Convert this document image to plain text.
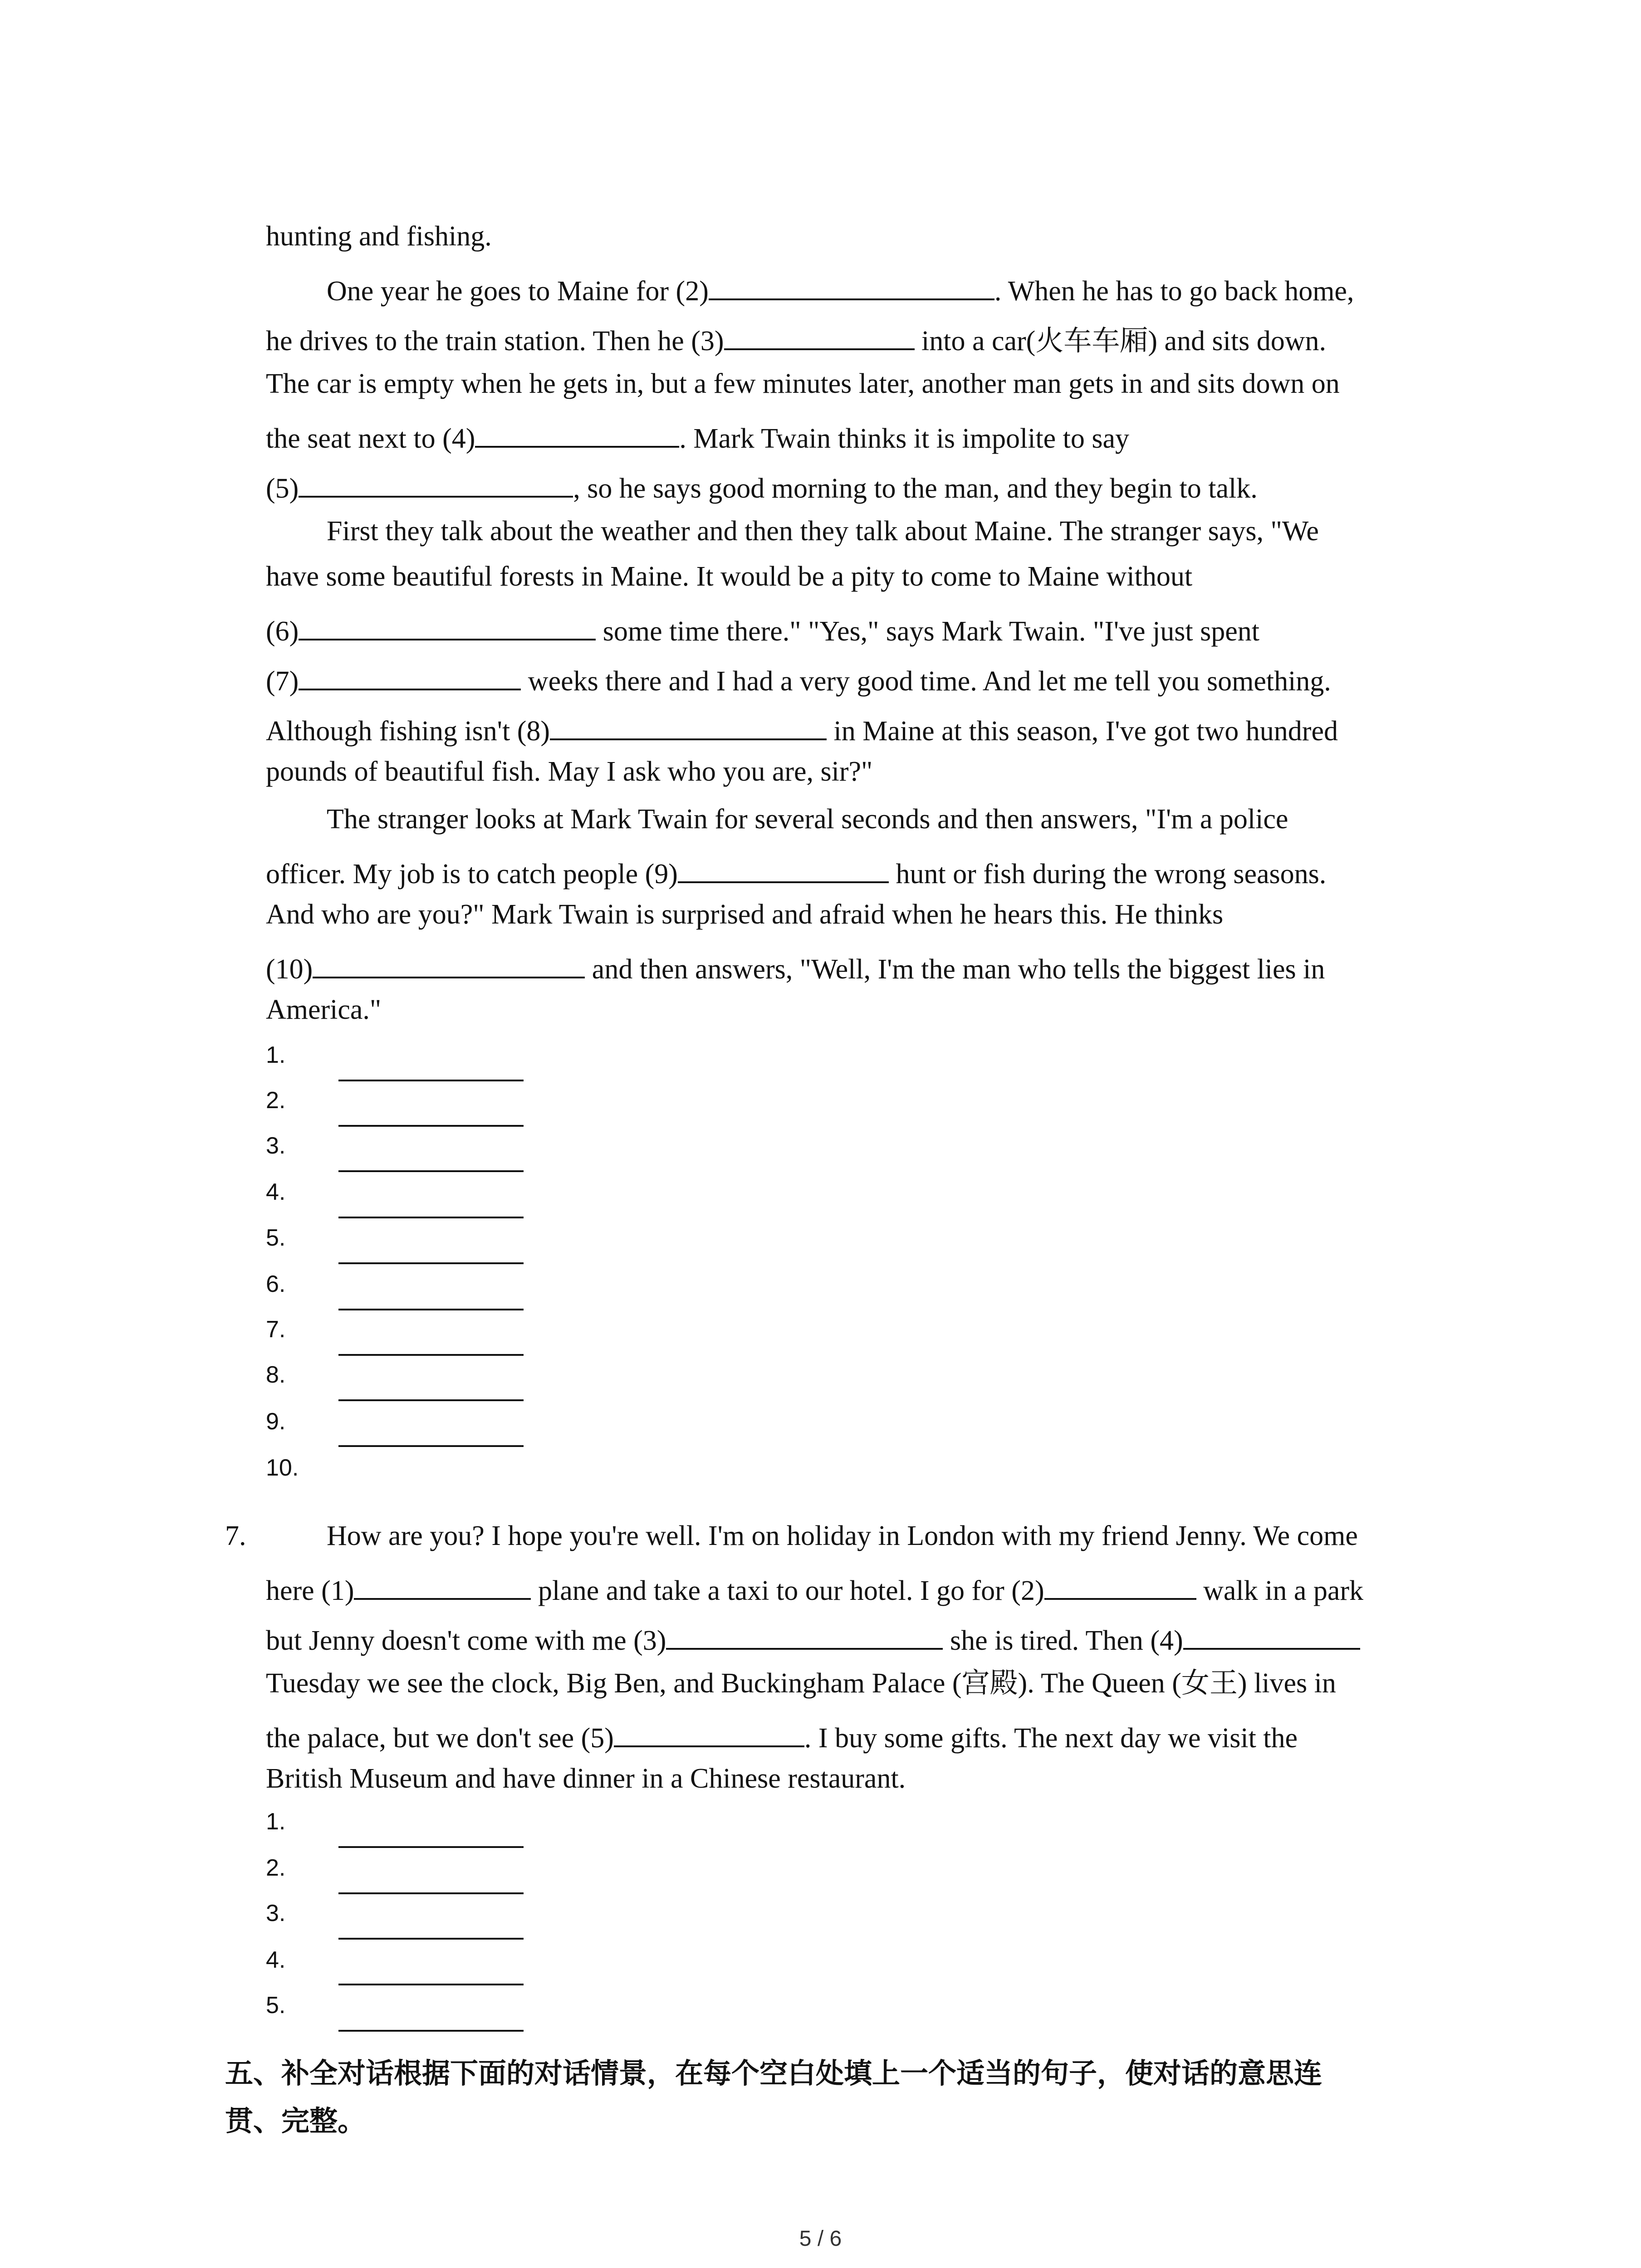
hunting and fishing.
One year he goes to Maine for (2)	. When he has to go back home,
he drives to the train station. Then he (3)	into a car(火车车厢) and sits down.
The car is empty when he gets in, but a few minutes later, another man gets in and sits down on
the seat next to (4)	. Mark Twain thinks it is impolite to say
(5)	, so he says good morning to the man, and they begin to talk.
First they talk about the weather and then they talk about Maine. The stranger says, "We
have some beautiful forests in Maine. It would be a pity to come to Maine without
(6)	some time there." "Yes," says Mark Twain. "I've just spent
(7)	weeks there and I had a very good time. And let me tell you something.
Although fishing isn't (8)	in Maine at this season, I've got two hundred
pounds of beautiful fish. May I ask who you are, sir?"
The stranger looks at Mark Twain for several seconds and then answers, "I'm a police
officer. My job is to catch people (9)	hunt or fish during the wrong seasons.
And who are you?" Mark Twain is surprised and afraid when he hears this. He thinks
(10)	and then answers, "Well, I'm the man who tells the biggest lies in
America."
1.
2.
3.
4.
5.
6.
7.
8.
9.
10.
7.	How are you? I hope you're well. I'm on holiday in London with my friend Jenny. We come
here (1)	plane and take a taxi to our hotel. I go for (2)	walk in a park
but Jenny doesn't come with me (3)	she is tired. Then (4)
Tuesday we see the clock, Big Ben, and Buckingham Palace (宫殿). The Queen (女王) lives in
the palace, but we don't see (5)	. I buy some gifts. The next day we visit the
British Museum and have dinner in a Chinese restaurant.
1.
2.
3.
4.
5.
五、补全对话根据下面的对话情景，在每个空白处填上一个适当的句子，使对话的意思连
贯、完整。
5 / 6
